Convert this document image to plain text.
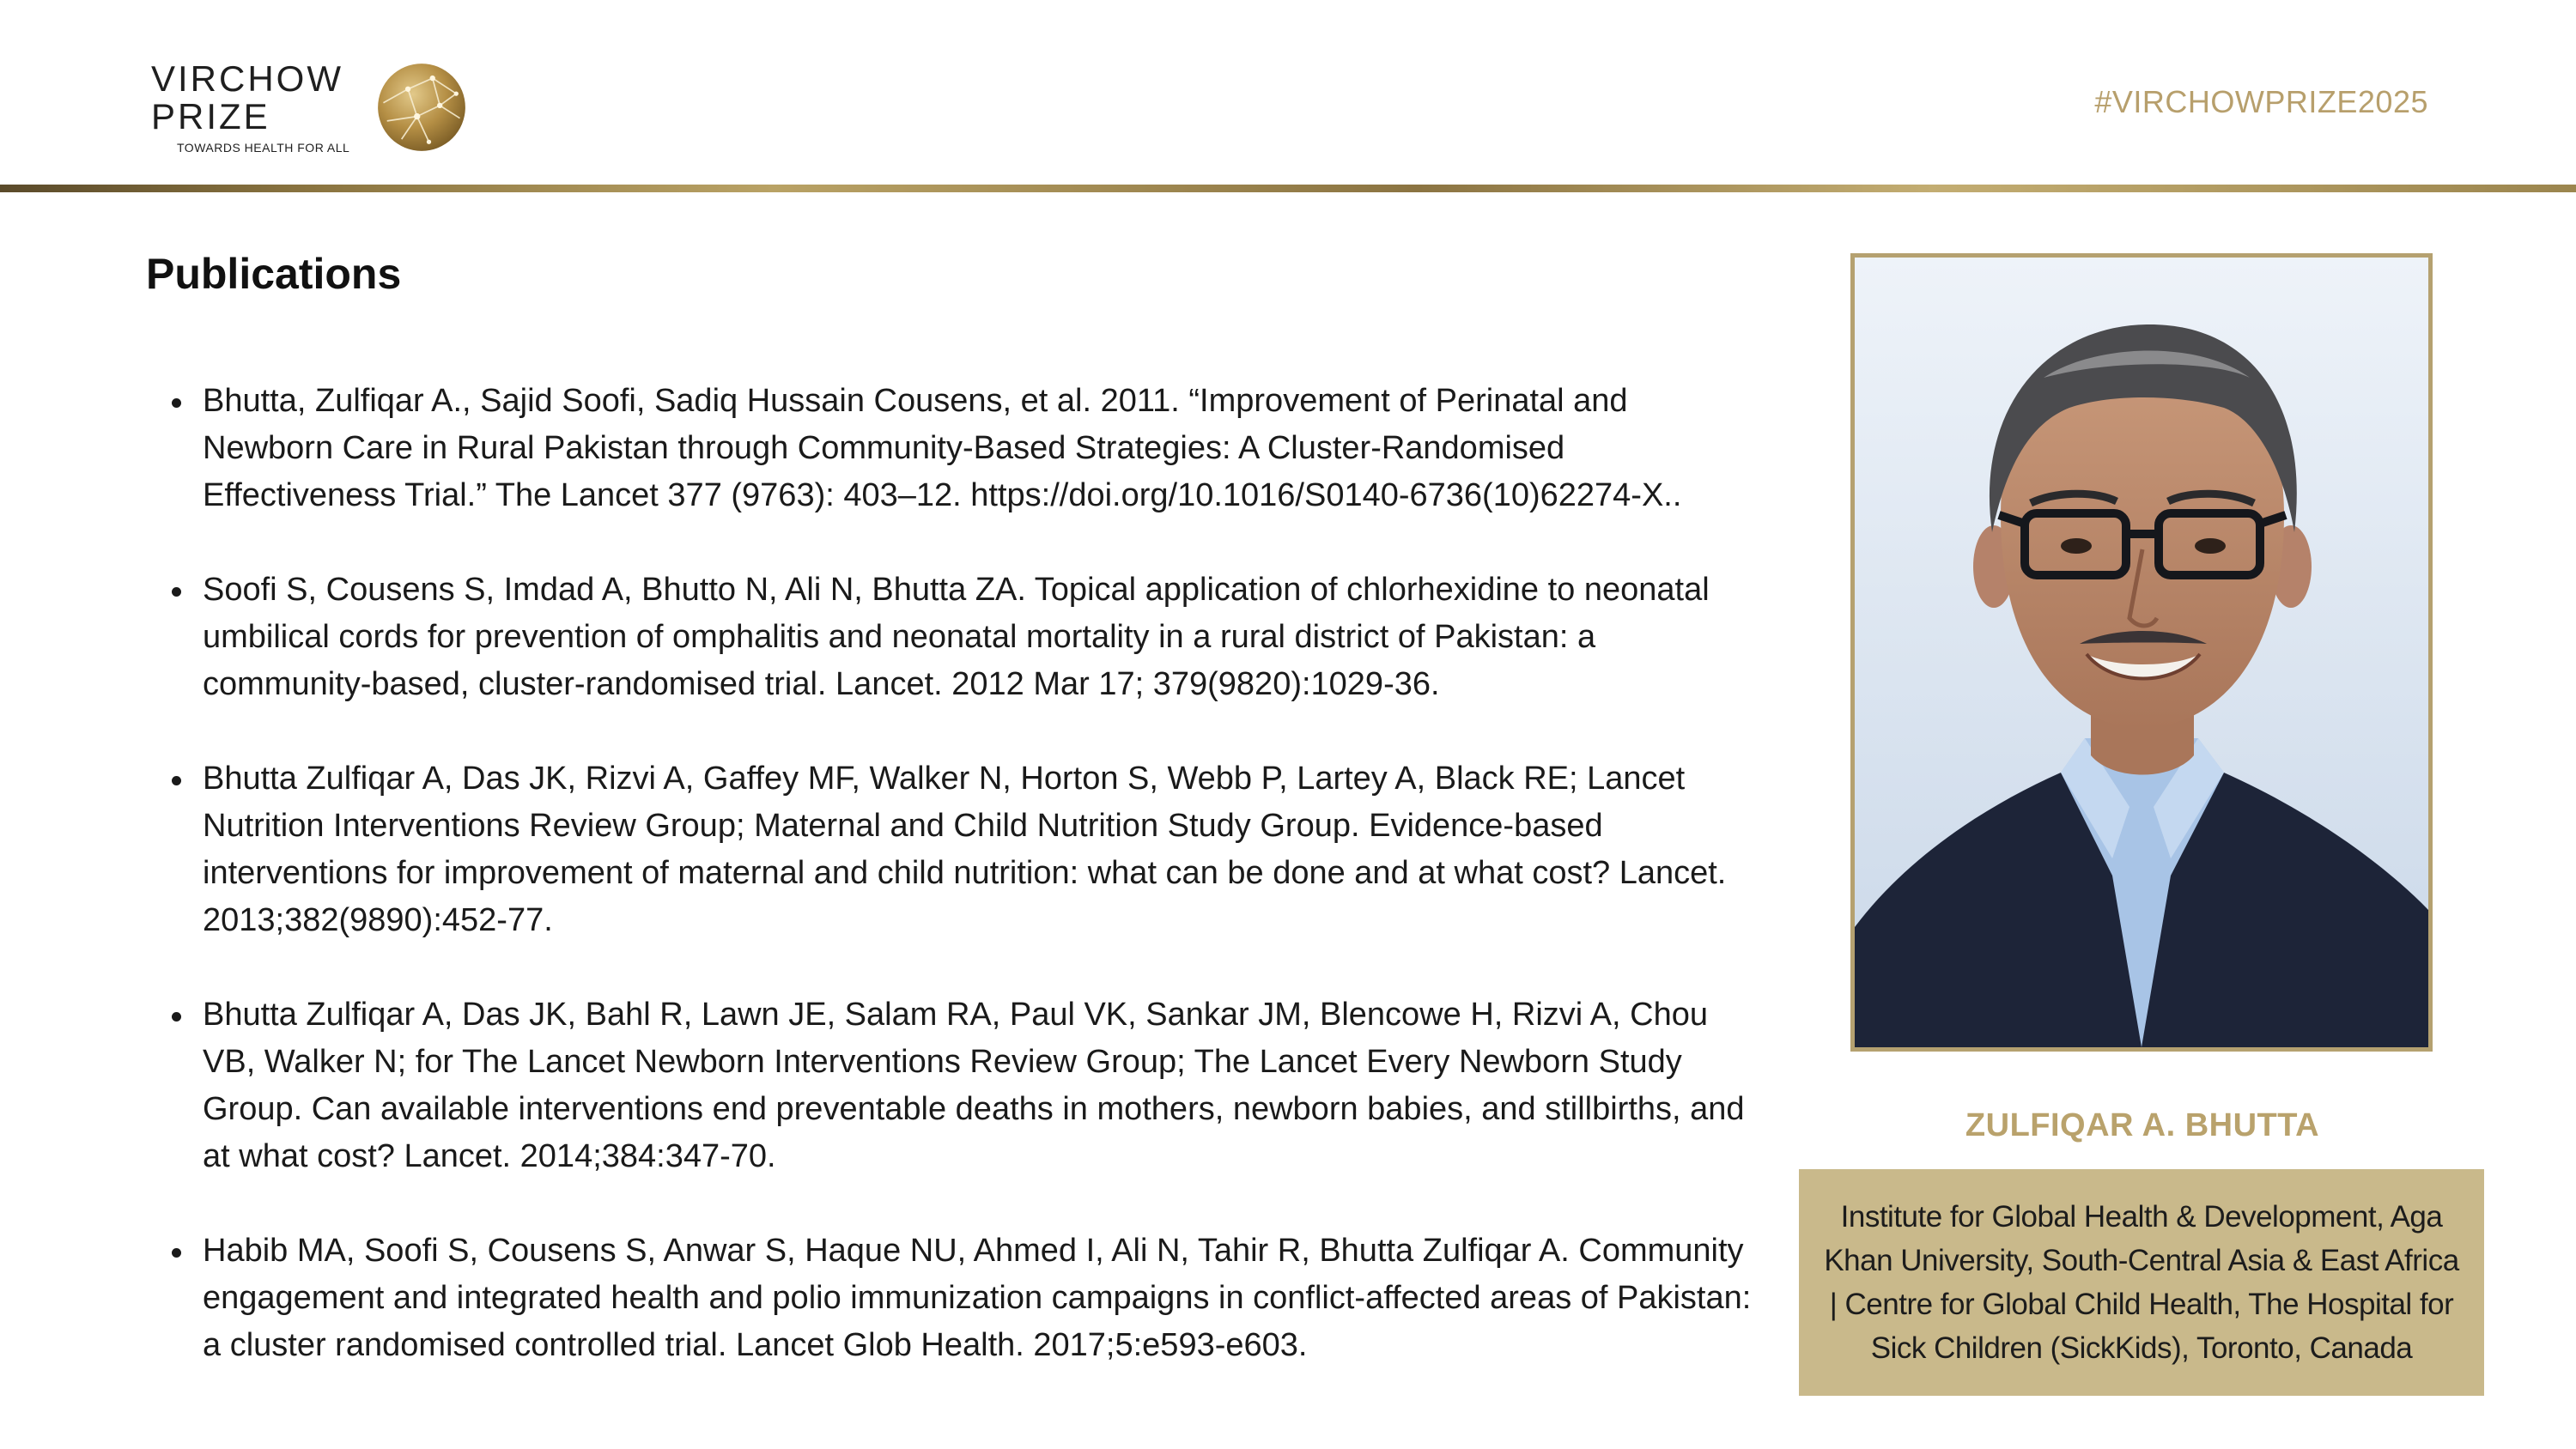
VIRCHOW
PRIZE
TOWARDS HEALTH FOR ALL
#VIRCHOWPRIZE2025
Publications
Bhutta, Zulfiqar A., Sajid Soofi, Sadiq Hussain Cousens, et al. 2011. “Improvement of Perinatal and Newborn Care in Rural Pakistan through Community-Based Strategies: A Cluster-Randomised Effectiveness Trial.” The Lancet 377 (9763): 403–12. https://doi.org/10.1016/S0140-6736(10)62274-X..
Soofi S, Cousens S, Imdad A, Bhutto N, Ali N, Bhutta ZA. Topical application of chlorhexidine to neonatal umbilical cords for prevention of omphalitis and neonatal mortality in a rural district of Pakistan: a community-based, cluster-randomised trial. Lancet. 2012 Mar 17; 379(9820):1029-36.
Bhutta Zulfiqar A, Das JK, Rizvi A, Gaffey MF, Walker N, Horton S, Webb P, Lartey A, Black RE; Lancet Nutrition Interventions Review Group; Maternal and Child Nutrition Study Group. Evidence-based interventions for improvement of maternal and child nutrition: what can be done and at what cost? Lancet. 2013;382(9890):452-77.
Bhutta Zulfiqar A, Das JK, Bahl R, Lawn JE, Salam RA, Paul VK, Sankar JM, Blencowe H, Rizvi A, Chou VB, Walker N; for The Lancet Newborn Interventions Review Group; The Lancet Every Newborn Study Group. Can available interventions end preventable deaths in mothers, newborn babies, and stillbirths, and at what cost? Lancet. 2014;384:347-70.
Habib MA, Soofi S, Cousens S, Anwar S, Haque NU, Ahmed I, Ali N, Tahir R, Bhutta Zulfiqar A. Community engagement and integrated health and polio immunization campaigns in conflict-affected areas of Pakistan: a cluster randomised controlled trial. Lancet Glob Health. 2017;5:e593-e603.
ZULFIQAR A. BHUTTA
Institute for Global Health & Development, Aga Khan University, South-Central Asia & East Africa | Centre for Global Child Health, The Hospital for Sick Children (SickKids), Toronto, Canada
